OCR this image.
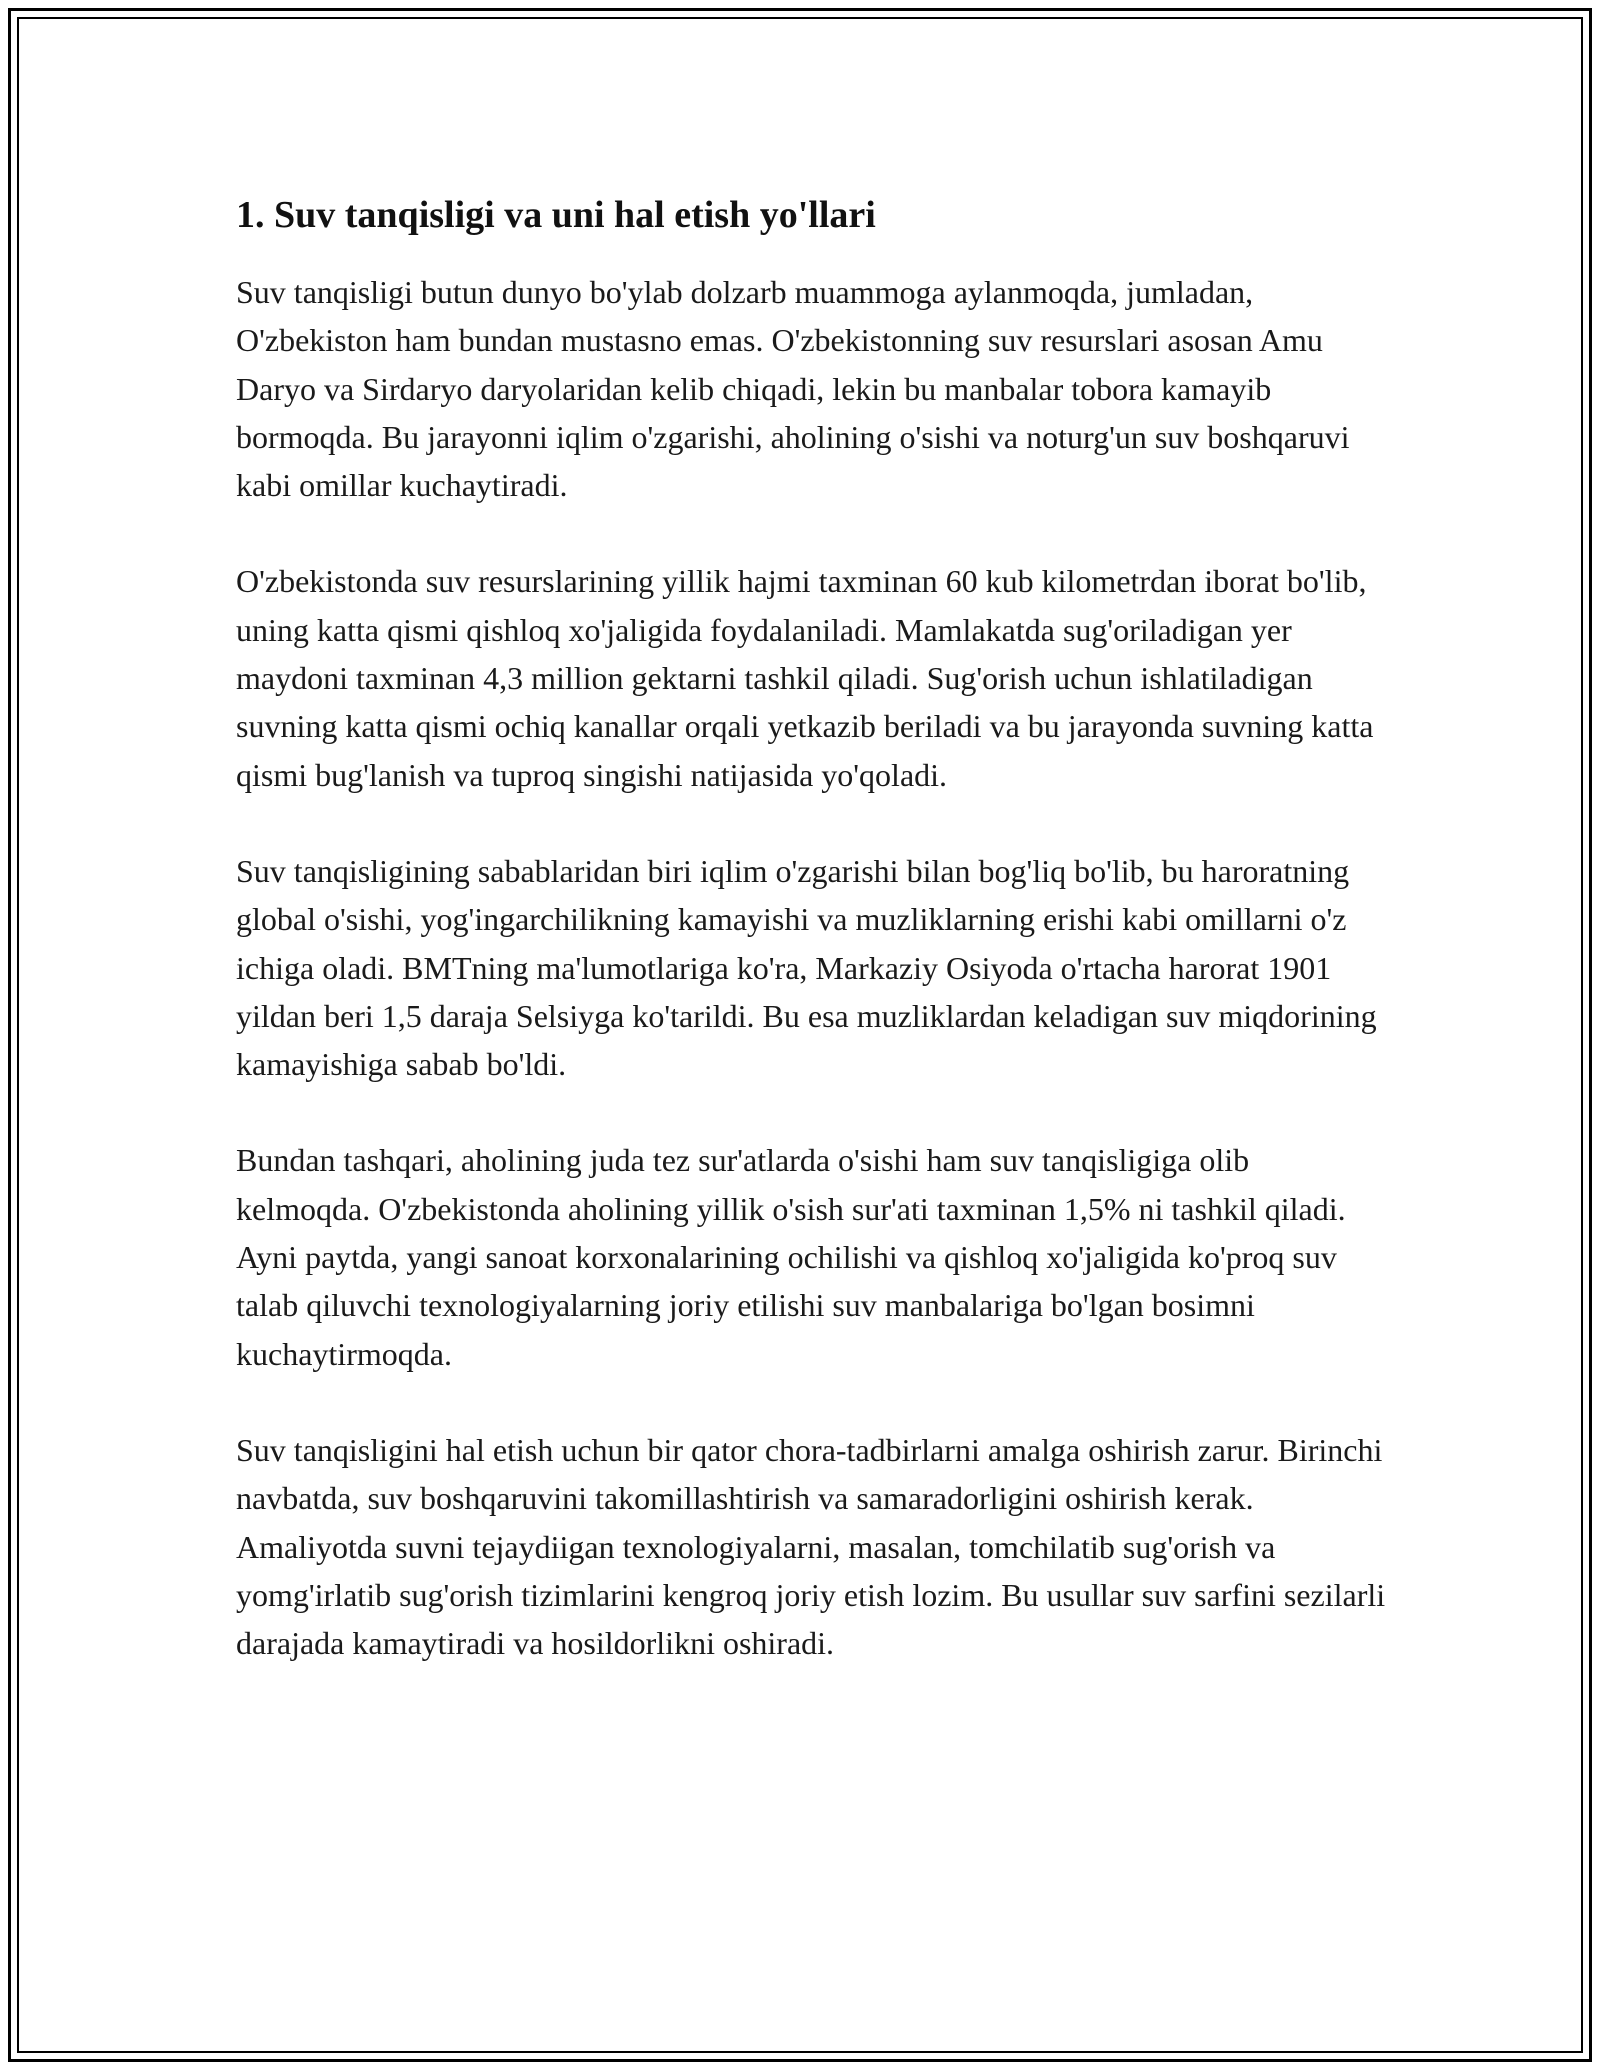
1. Suv tanqisligi va uni hal etish yo'llari

Suv tanqisligi butun dunyo bo'ylab dolzarb muammoga aylanmoqda, jumladan, O'zbekiston ham bundan mustasno emas. O'zbekistonning suv resurslari asosan Amu Daryo va Sirdaryo daryolaridan kelib chiqadi, lekin bu manbalar tobora kamayib bormoqda. Bu jarayonni iqlim o'zgarishi, aholining o'sishi va noturg'un suv boshqaruvi kabi omillar kuchaytiradi.

O'zbekistonda suv resurslarining yillik hajmi taxminan 60 kub kilometrdan iborat bo'lib, uning katta qismi qishloq xo'jaligida foydalaniladi. Mamlakatda sug'oriladigan yer maydoni taxminan 4,3 million gektarni tashkil qiladi. Sug'orish uchun ishlatiladigan suvning katta qismi ochiq kanallar orqali yetkazib beriladi va bu jarayonda suvning katta qismi bug'lanish va tuproq singishi natijasida yo'qoladi.

Suv tanqisligining sabablaridan biri iqlim o'zgarishi bilan bog'liq bo'lib, bu haroratning global o'sishi, yog'ingarchilikning kamayishi va muzliklarning erishi kabi omillarni o'z ichiga oladi. BMTning ma'lumotlariga ko'ra, Markaziy Osiyoda o'rtacha harorat 1901 yildan beri 1,5 daraja Selsiyga ko'tarildi. Bu esa muzliklardan keladigan suv miqdorining kamayishiga sabab bo'ldi.

Bundan tashqari, aholining juda tez sur'atlarda o'sishi ham suv tanqisligiga olib kelmoqda. O'zbekistonda aholining yillik o'sish sur'ati taxminan 1,5% ni tashkil qiladi. Ayni paytda, yangi sanoat korxonalarining ochilishi va qishloq xo'jaligida ko'proq suv talab qiluvchi texnologiyalarning joriy etilishi suv manbalariga bo'lgan bosimni kuchaytirmoqda.

Suv tanqisligini hal etish uchun bir qator chora-tadbirlarni amalga oshirish zarur. Birinchi navbatda, suv boshqaruvini takomillashtirish va samaradorligini oshirish kerak. Amaliyotda suvni tejaydiigan texnologiyalarni, masalan, tomchilatib sug'orish va yomg'irlatib sug'orish tizimlarini kengroq joriy etish lozim. Bu usullar suv sarfini sezilarli darajada kamaytiradi va hosildorlikni oshiradi.
